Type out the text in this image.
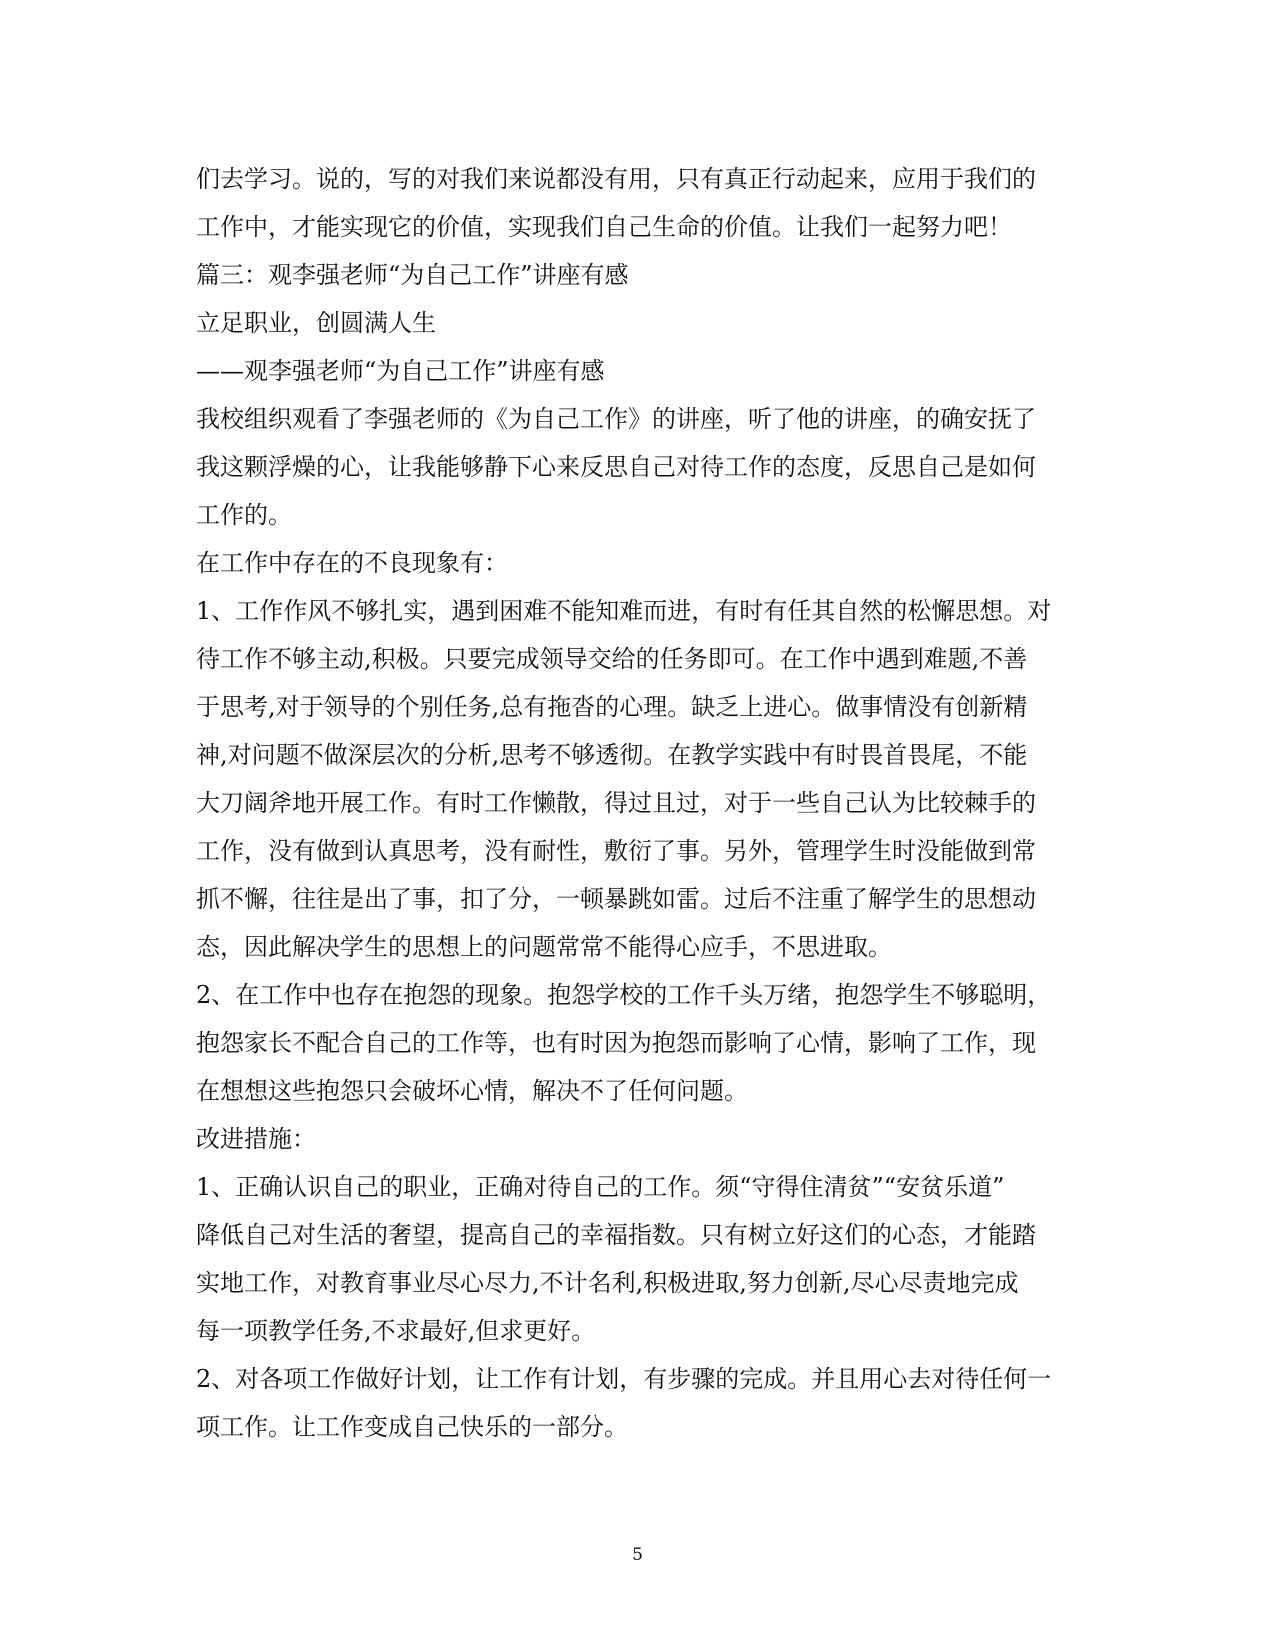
们去学习。说的，写的对我们来说都没有用，只有真正行动起来，应用于我们的
工作中，才能实现它的价值，实现我们自己生命的价值。让我们一起努力吧！
篇三：观李强老师“为自己工作”讲座有感
立足职业，创圆满人生
——观李强老师“为自己工作”讲座有感
我校组织观看了李强老师的《为自己工作》的讲座，听了他的讲座，的确安抚了
我这颗浮燥的心，让我能够静下心来反思自己对待工作的态度，反思自己是如何
工作的。
在工作中存在的不良现象有：
1、工作作风不够扎实，遇到困难不能知难而进，有时有任其自然的松懈思想。对
待工作不够主动,积极。只要完成领导交给的任务即可。在工作中遇到难题,不善
于思考,对于领导的个别任务,总有拖沓的心理。缺乏上进心。做事情没有创新精
神,对问题不做深层次的分析,思考不够透彻。在教学实践中有时畏首畏尾，不能
大刀阔斧地开展工作。有时工作懒散，得过且过，对于一些自己认为比较棘手的
工作，没有做到认真思考，没有耐性，敷衍了事。另外，管理学生时没能做到常
抓不懈，往往是出了事，扣了分，一顿暴跳如雷。过后不注重了解学生的思想动
态，因此解决学生的思想上的问题常常不能得心应手，不思进取。
2、在工作中也存在抱怨的现象。抱怨学校的工作千头万绪，抱怨学生不够聪明，
抱怨家长不配合自己的工作等，也有时因为抱怨而影响了心情，影响了工作，现
在想想这些抱怨只会破坏心情，解决不了任何问题。
改进措施：
1、正确认识自己的职业，正确对待自己的工作。须“守得住清贫”“安贫乐道”
降低自己对生活的奢望，提高自己的幸福指数。只有树立好这们的心态，才能踏
实地工作，对教育事业尽心尽力,不计名利,积极进取,努力创新,尽心尽责地完成
每一项教学任务,不求最好,但求更好。
2、对各项工作做好计划，让工作有计划，有步骤的完成。并且用心去对待任何一
项工作。让工作变成自己快乐的一部分。
5
